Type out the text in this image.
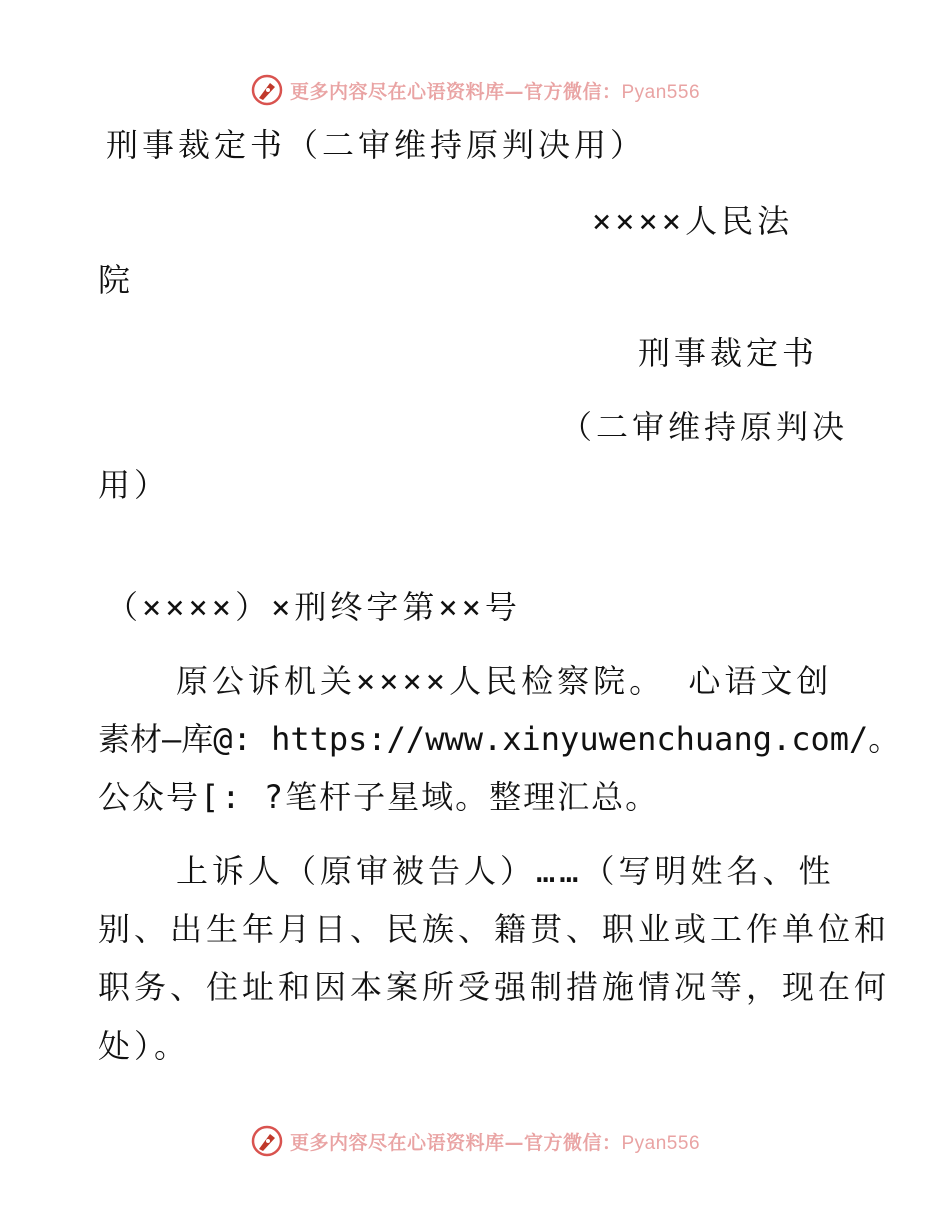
更多内容尽在心语资料库—官方微信：Pyan556
刑事裁定书（二审维持原判决用）
××××人民法
院
刑事裁定书
（二审维持原判决
用）
（××××）×刑终字第××号
原公诉机关××××人民检察院。 心语文创
素材—库@: https://www.xinyuwenchuang.com/。
公众号[: ?笔杆子星域。整理汇总。
上诉人（原审被告人）……（写明姓名、性
别、出生年月日、民族、籍贯、职业或工作单位和
职务、住址和因本案所受强制措施情况等，现在何
处）。
更多内容尽在心语资料库—官方微信：Pyan556
